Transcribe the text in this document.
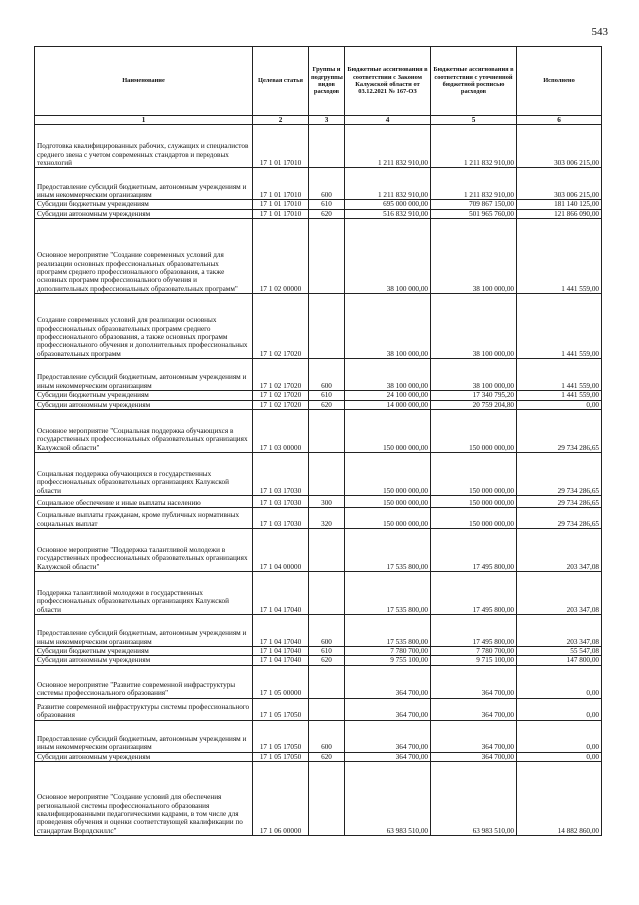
543
Наименование	Целевая статья	Группы и подгруппы видов расходов	Бюджетные ассигнования в соответствии с Законом Калужской области от 03.12.2021 № 167-ОЗ	Бюджетные ассигнования в соответствии с уточненной бюджетной росписью расходов	Исполнено
1	2	3	4	5	6
Подготовка квалифицированных рабочих, служащих и специалистов среднего звена с учетом современных стандартов и передовых технологий	17 1 01 17010		1 211 832 910,00	1 211 832 910,00	303 006 215,00
Предоставление субсидий бюджетным, автономным учреждениям и иным некоммерческим организациям	17 1 01 17010	600	1 211 832 910,00	1 211 832 910,00	303 006 215,00
Субсидии бюджетным учреждениям	17 1 01 17010	610	695 000 000,00	709 867 150,00	181 140 125,00
Субсидии автономным учреждениям	17 1 01 17010	620	516 832 910,00	501 965 760,00	121 866 090,00
Основное мероприятие "Создание современных условий для реализации основных профессиональных образовательных программ среднего профессионального образования, а также основных программ профессионального обучения и дополнительных профессиональных образовательных программ"	17 1 02 00000		38 100 000,00	38 100 000,00	1 441 559,00
Создание современных условий для реализации основных профессиональных образовательных программ среднего профессионального образования, а также основных программ профессионального обучения и дополнительных профессиональных образовательных программ	17 1 02 17020		38 100 000,00	38 100 000,00	1 441 559,00
Предоставление субсидий бюджетным, автономным учреждениям и иным некоммерческим организациям	17 1 02 17020	600	38 100 000,00	38 100 000,00	1 441 559,00
Субсидии бюджетным учреждениям	17 1 02 17020	610	24 100 000,00	17 340 795,20	1 441 559,00
Субсидии автономным учреждениям	17 1 02 17020	620	14 000 000,00	20 759 204,80	0,00
Основное мероприятие "Социальная поддержка обучающихся в государственных профессиональных образовательных организациях Калужской области"	17 1 03 00000		150 000 000,00	150 000 000,00	29 734 286,65
Социальная поддержка обучающихся в государственных профессиональных образовательных организациях Калужской области	17 1 03 17030		150 000 000,00	150 000 000,00	29 734 286,65
Социальное обеспечение и иные выплаты населению	17 1 03 17030	300	150 000 000,00	150 000 000,00	29 734 286,65
Социальные выплаты гражданам, кроме публичных нормативных социальных выплат	17 1 03 17030	320	150 000 000,00	150 000 000,00	29 734 286,65
Основное мероприятие "Поддержка талантливой молодежи в государственных профессиональных образовательных организациях Калужской области"	17 1 04 00000		17 535 800,00	17 495 800,00	203 347,08
Поддержка талантливой молодежи в государственных профессиональных образовательных организациях Калужской области	17 1 04 17040		17 535 800,00	17 495 800,00	203 347,08
Предоставление субсидий бюджетным, автономным учреждениям и иным некоммерческим организациям	17 1 04 17040	600	17 535 800,00	17 495 800,00	203 347,08
Субсидии бюджетным учреждениям	17 1 04 17040	610	7 780 700,00	7 780 700,00	55 547,08
Субсидии автономным учреждениям	17 1 04 17040	620	9 755 100,00	9 715 100,00	147 800,00
Основное мероприятие "Развитие современной инфраструктуры системы профессионального образования"	17 1 05 00000		364 700,00	364 700,00	0,00
Развитие современной инфраструктуры системы профессионального образования	17 1 05 17050		364 700,00	364 700,00	0,00
Предоставление субсидий бюджетным, автономным учреждениям и иным некоммерческим организациям	17 1 05 17050	600	364 700,00	364 700,00	0,00
Субсидии автономным учреждениям	17 1 05 17050	620	364 700,00	364 700,00	0,00
Основное мероприятие "Создание условий для обеспечения региональной системы профессионального образования квалифицированными педагогическими кадрами, в том числе для проведения обучения и оценки соответствующей квалификации по стандартам Ворлдскиллс"	17 1 06 00000		63 983 510,00	63 983 510,00	14 882 860,00
